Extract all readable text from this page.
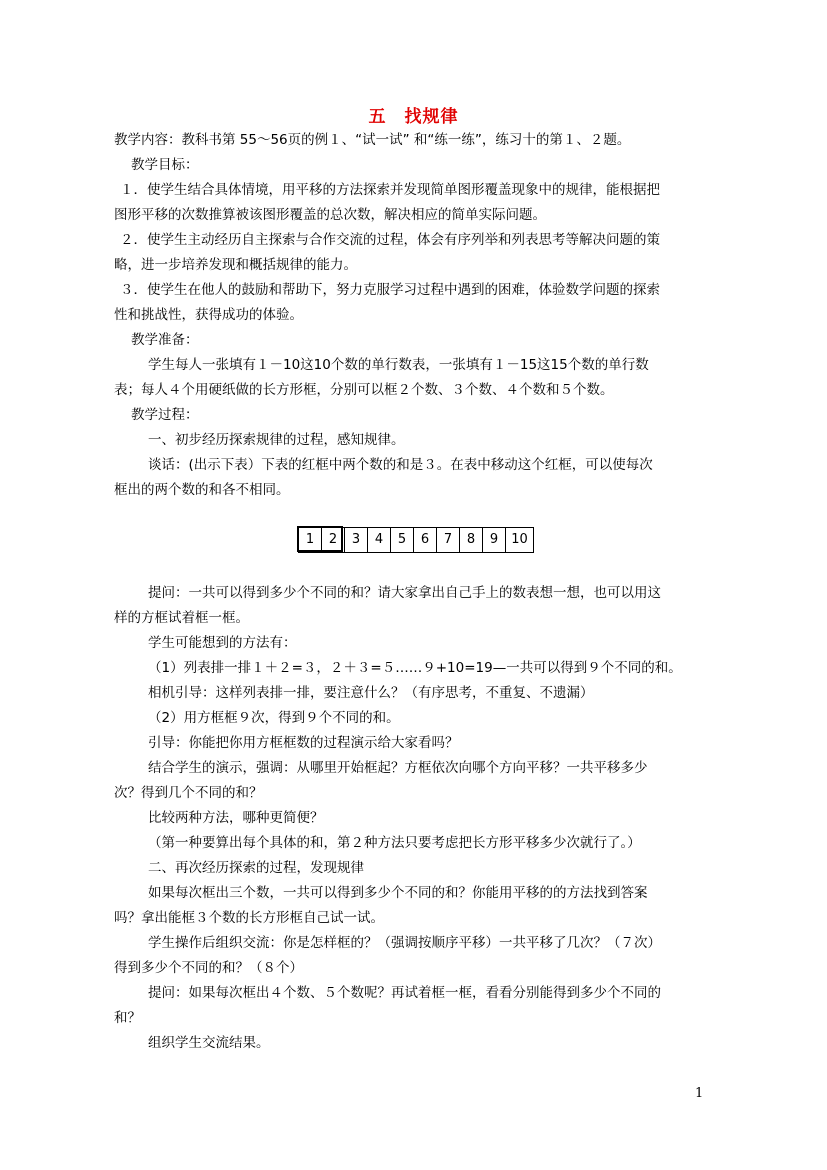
五　找规律
教学内容：教科书第 55～56页的例１、“试一试” 和“练一练”，练习十的第１、２题。
教学目标：
１．使学生结合具体情境，用平移的方法探索并发现简单图形覆盖现象中的规律，能根据把
图形平移的次数推算被该图形覆盖的总次数，解决相应的简单实际问题。
２．使学生主动经历自主探索与合作交流的过程，体会有序列举和列表思考等解决问题的策
略，进一步培养发现和概括规律的能力。
３．使学生在他人的鼓励和帮助下，努力克服学习过程中遇到的困难，体验数学问题的探索
性和挑战性，获得成功的体验。
教学准备：
学生每人一张填有１－10这10个数的单行数表，一张填有１－15这15个数的单行数
表；每人４个用硬纸做的长方形框，分别可以框２个数、３个数、４个数和５个数。
教学过程：
一、初步经历探索规律的过程，感知规律。
谈话：(出示下表）下表的红框中两个数的和是３。在表中移动这个红框，可以使每次
框出的两个数的和各不相同。
1	2	3	4	5	6	7	8	9	10
提问：一共可以得到多少个不同的和？请大家拿出自己手上的数表想一想，也可以用这
样的方框试着框一框。
学生可能想到的方法有：
（1）列表排一排１＋２=３，２＋３=５……９+10=19—一共可以得到９个不同的和。
相机引导：这样列表排一排，要注意什么？（有序思考，不重复、不遗漏）
（2）用方框框９次，得到９个不同的和。
引导：你能把你用方框框数的过程演示给大家看吗？
结合学生的演示，强调：从哪里开始框起？方框依次向哪个方向平移？一共平移多少
次？得到几个不同的和？
比较两种方法，哪种更简便？
（第一种要算出每个具体的和，第２种方法只要考虑把长方形平移多少次就行了。）
二、再次经历探索的过程，发现规律
如果每次框出三个数，一共可以得到多少个不同的和？你能用平移的的方法找到答案
吗？拿出能框３个数的长方形框自己试一试。
学生操作后组织交流：你是怎样框的？（强调按顺序平移）一共平移了几次？（７次）
得到多少个不同的和？（８个）
提问：如果每次框出４个数、５个数呢？再试着框一框，看看分别能得到多少个不同的
和？
组织学生交流结果。
1
